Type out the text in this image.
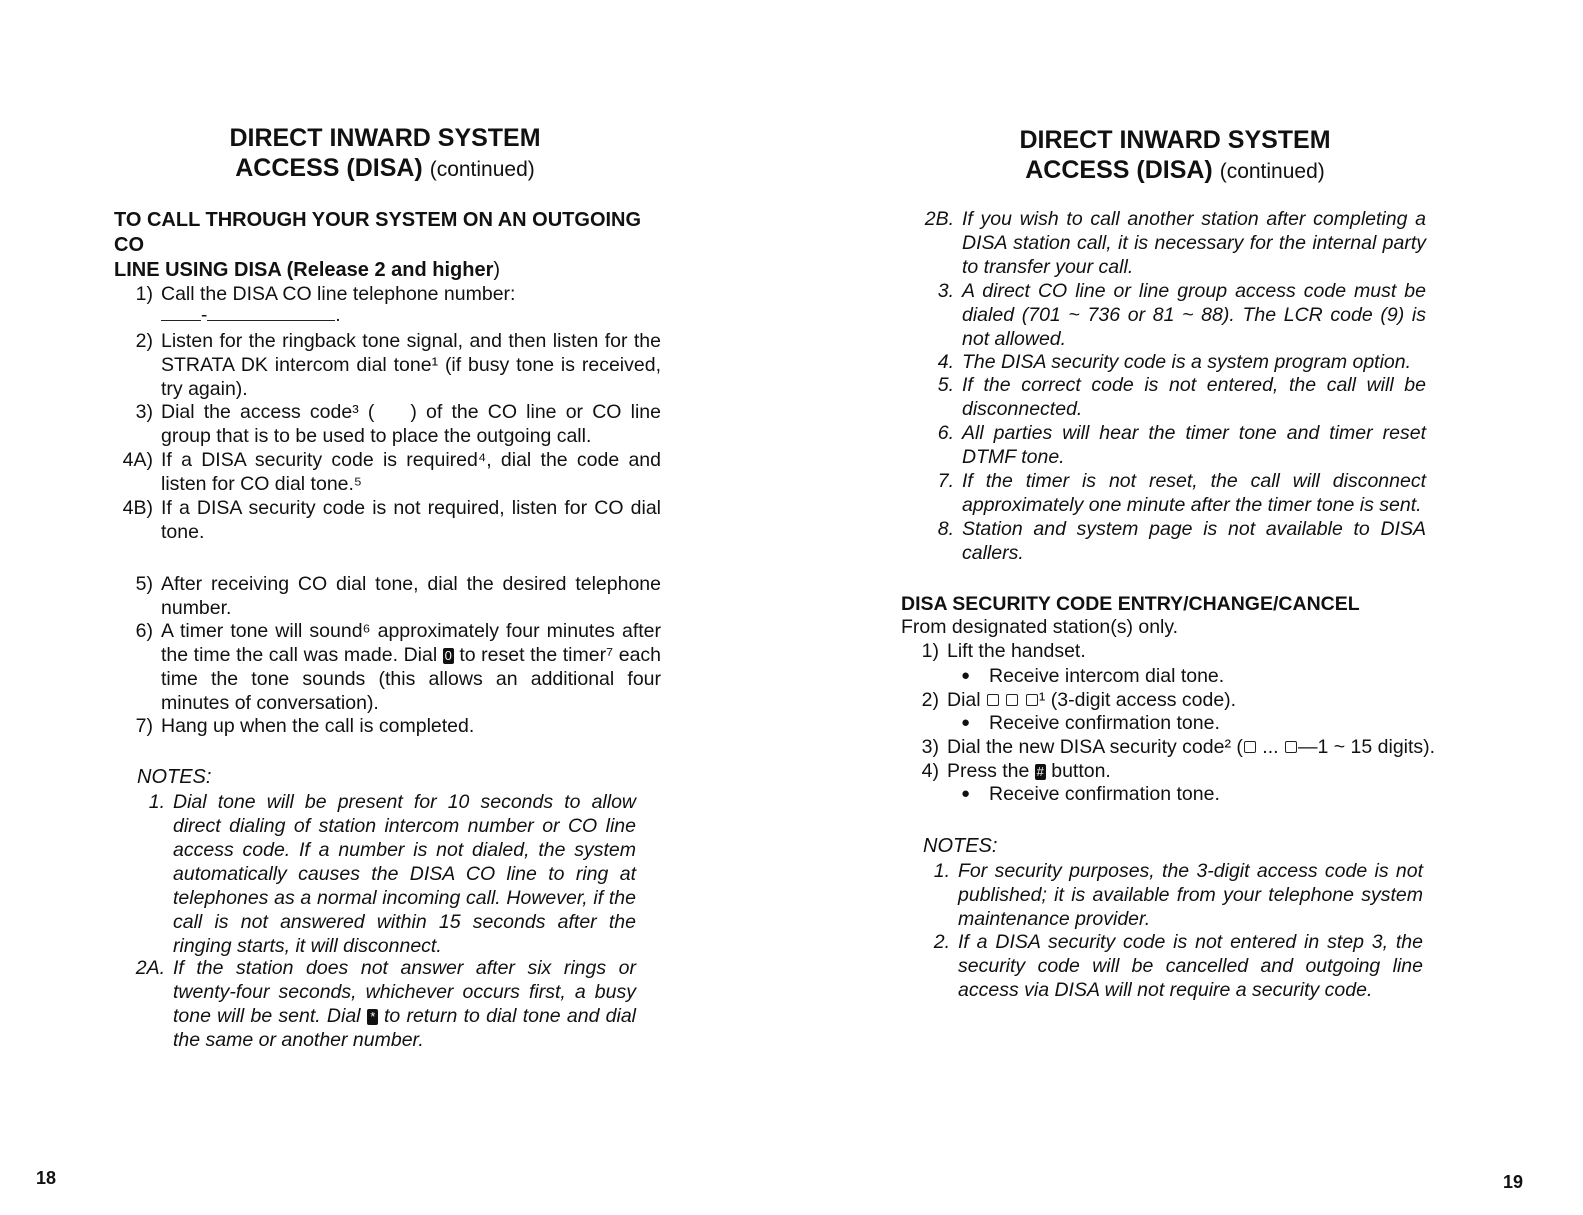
DIRECT INWARD SYSTEM
ACCESS (DISA) (continued)
TO CALL THROUGH YOUR SYSTEM ON AN OUTGOING CO
LINE USING DISA (Release 2 and higher)
1) Call the DISA CO line telephone number:
-	.
2) Listen for the ringback tone signal, and then listen for the STRATA DK intercom dial tone¹ (if busy tone is received, try again).
3) Dial the access code³ ( ) of the CO line or CO line group that is to be used to place the outgoing call.
4A) If a DISA security code is required⁴, dial the code and listen for CO dial tone.⁵
4B) If a DISA security code is not required, listen for CO dial tone.
5) After receiving CO dial tone, dial the desired telephone number.
6) A timer tone will sound⁶ approximately four minutes after the time the call was made. Dial 0 to reset the timer⁷ each time the tone sounds (this allows an additional four minutes of conversation).
7) Hang up when the call is completed.
NOTES:
1. Dial tone will be present for 10 seconds to allow direct dialing of station intercom number or CO line access code. If a number is not dialed, the system automatically causes the DISA CO line to ring at telephones as a normal incoming call. However, if the call is not answered within 15 seconds after the ringing starts, it will disconnect.
2A. If the station does not answer after six rings or twenty-four seconds, whichever occurs first, a busy tone will be sent. Dial * to return to dial tone and dial the same or another number.
18
DIRECT INWARD SYSTEM
ACCESS (DISA) (continued)
2B. If you wish to call another station after completing a DISA station call, it is necessary for the internal party to transfer your call.
3. A direct CO line or line group access code must be dialed (701 ~ 736 or 81 ~ 88). The LCR code (9) is not allowed.
4. The DISA security code is a system program option.
5. If the correct code is not entered, the call will be disconnected.
6. All parties will hear the timer tone and timer reset DTMF tone.
7. If the timer is not reset, the call will disconnect approximately one minute after the timer tone is sent.
8. Station and system page is not available to DISA callers.
DISA SECURITY CODE ENTRY/CHANGE/CANCEL
From designated station(s) only.
1) Lift the handset.
● Receive intercom dial tone.
2) Dial	¹ (3-digit access code).
● Receive confirmation tone.
3) Dial the new DISA security code² ( ... —1 ~ 15 digits).
4) Press the # button.
● Receive confirmation tone.
NOTES:
1. For security purposes, the 3-digit access code is not published; it is available from your telephone system maintenance provider.
2. If a DISA security code is not entered in step 3, the security code will be cancelled and outgoing line access via DISA will not require a security code.
19
